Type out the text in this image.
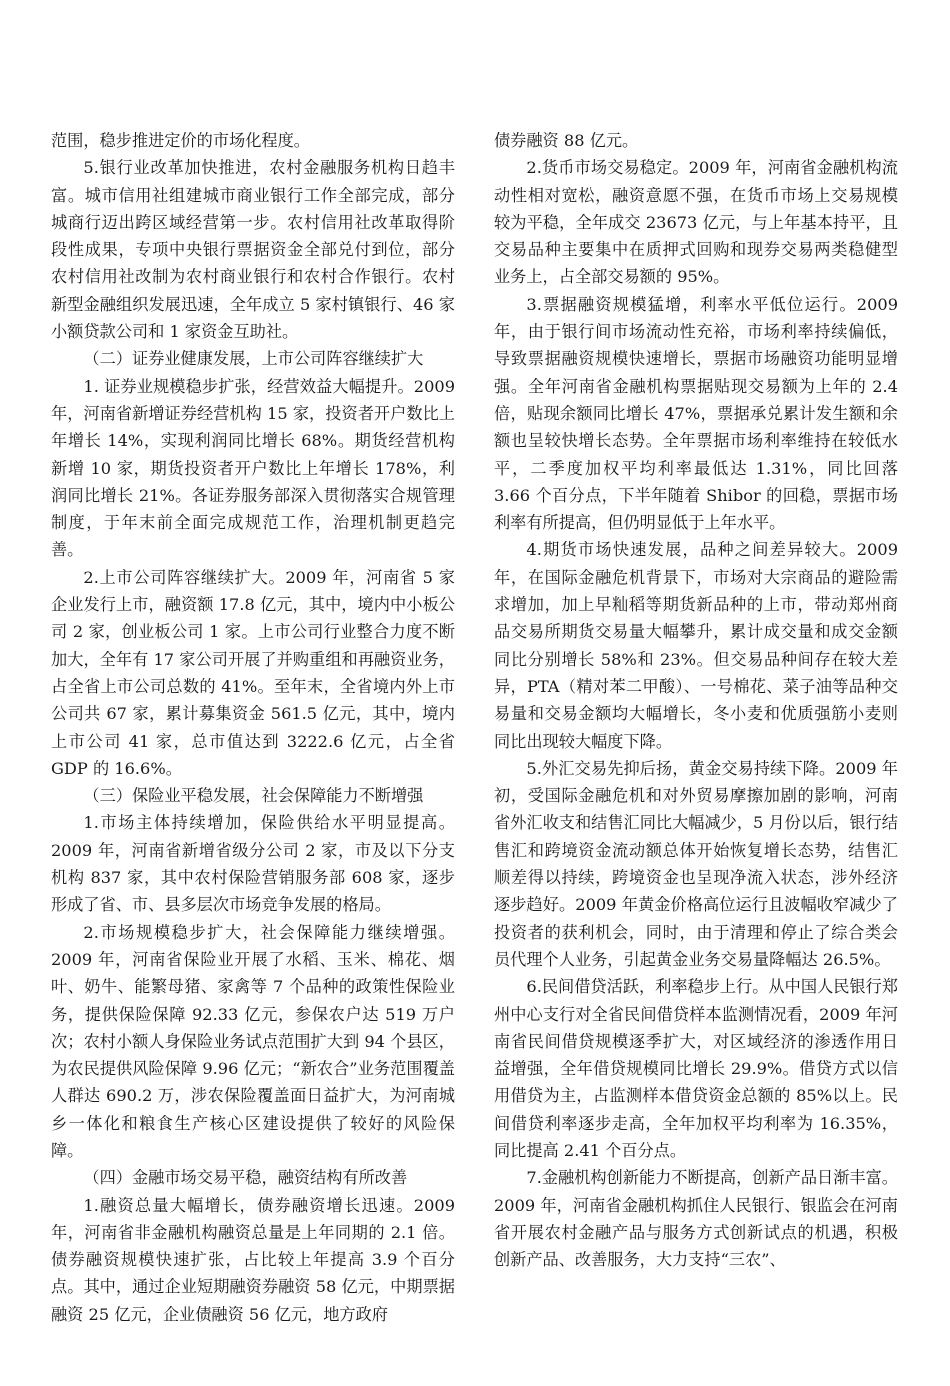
范围，稳步推进定价的市场化程度。

5.银行业改革加快推进，农村金融服务机构日趋丰富。城市信用社组建城市商业银行工作全部完成，部分城商行迈出跨区域经营第一步。农村信用社改革取得阶段性成果，专项中央银行票据资金全部兑付到位，部分农村信用社改制为农村商业银行和农村合作银行。农村新型金融组织发展迅速，全年成立 5 家村镇银行、46 家小额贷款公司和 1 家资金互助社。

（二）证券业健康发展，上市公司阵容继续扩大

1. 证券业规模稳步扩张，经营效益大幅提升。2009 年，河南省新增证券经营机构 15 家，投资者开户数比上年增长 14%，实现利润同比增长 68%。期货经营机构新增 10 家，期货投资者开户数比上年增长 178%，利润同比增长 21%。各证券服务部深入贯彻落实合规管理制度，于年末前全面完成规范工作，治理机制更趋完善。

2.上市公司阵容继续扩大。2009 年，河南省 5 家企业发行上市，融资额 17.8 亿元，其中，境内中小板公司 2 家，创业板公司 1 家。上市公司行业整合力度不断加大，全年有 17 家公司开展了并购重组和再融资业务，占全省上市公司总数的 41%。至年末，全省境内外上市公司共 67 家，累计募集资金 561.5 亿元，其中，境内上市公司 41 家，总市值达到 3222.6 亿元，占全省 GDP 的 16.6%。

（三）保险业平稳发展，社会保障能力不断增强

1.市场主体持续增加，保险供给水平明显提高。2009 年，河南省新增省级分公司 2 家，市及以下分支机构 837 家，其中农村保险营销服务部 608 家，逐步形成了省、市、县多层次市场竞争发展的格局。

2.市场规模稳步扩大，社会保障能力继续增强。2009 年，河南省保险业开展了水稻、玉米、棉花、烟叶、奶牛、能繁母猪、家禽等 7 个品种的政策性保险业务，提供保险保障 92.33 亿元，参保农户达 519 万户次；农村小额人身保险业务试点范围扩大到 94 个县区，为农民提供风险保障 9.96 亿元；“新农合”业务范围覆盖人群达 690.2 万，涉农保险覆盖面日益扩大，为河南城乡一体化和粮食生产核心区建设提供了较好的风险保障。

（四）金融市场交易平稳，融资结构有所改善

1.融资总量大幅增长，债券融资增长迅速。2009 年，河南省非金融机构融资总量是上年同期的 2.1 倍。债券融资规模快速扩张，占比较上年提高 3.9 个百分点。其中，通过企业短期融资券融资 58 亿元，中期票据融资 25 亿元，企业债融资 56 亿元，地方政府

债券融资 88 亿元。

2.货币市场交易稳定。2009 年，河南省金融机构流动性相对宽松，融资意愿不强，在货币市场上交易规模较为平稳，全年成交 23673 亿元，与上年基本持平，且交易品种主要集中在质押式回购和现券交易两类稳健型业务上，占全部交易额的 95%。

3.票据融资规模猛增，利率水平低位运行。2009 年，由于银行间市场流动性充裕，市场利率持续偏低，导致票据融资规模快速增长，票据市场融资功能明显增强。全年河南省金融机构票据贴现交易额为上年的 2.4 倍，贴现余额同比增长 47%，票据承兑累计发生额和余额也呈较快增长态势。全年票据市场利率维持在较低水平，二季度加权平均利率最低达 1.31%，同比回落 3.66 个百分点，下半年随着 Shibor 的回稳，票据市场利率有所提高，但仍明显低于上年水平。

4.期货市场快速发展，品种之间差异较大。2009 年，在国际金融危机背景下，市场对大宗商品的避险需求增加，加上早籼稻等期货新品种的上市，带动郑州商品交易所期货交易量大幅攀升，累计成交量和成交金额同比分别增长 58%和 23%。但交易品种间存在较大差异，PTA（精对苯二甲酸）、一号棉花、菜子油等品种交易量和交易金额均大幅增长，冬小麦和优质强筋小麦则同比出现较大幅度下降。

5.外汇交易先抑后扬，黄金交易持续下降。2009 年初，受国际金融危机和对外贸易摩擦加剧的影响，河南省外汇收支和结售汇同比大幅减少，5 月份以后，银行结售汇和跨境资金流动额总体开始恢复增长态势，结售汇顺差得以持续，跨境资金也呈现净流入状态，涉外经济逐步趋好。2009 年黄金价格高位运行且波幅收窄减少了投资者的获利机会，同时，由于清理和停止了综合类会员代理个人业务，引起黄金业务交易量降幅达 26.5%。

6.民间借贷活跃，利率稳步上行。从中国人民银行郑州中心支行对全省民间借贷样本监测情况看，2009 年河南省民间借贷规模逐季扩大，对区域经济的渗透作用日益增强，全年借贷规模同比增长 29.9%。借贷方式以信用借贷为主，占监测样本借贷资金总额的 85%以上。民间借贷利率逐步走高，全年加权平均利率为 16.35%，同比提高 2.41 个百分点。

7.金融机构创新能力不断提高，创新产品日渐丰富。2009 年，河南省金融机构抓住人民银行、银监会在河南省开展农村金融产品与服务方式创新试点的机遇，积极创新产品、改善服务，大力支持“三农”、
